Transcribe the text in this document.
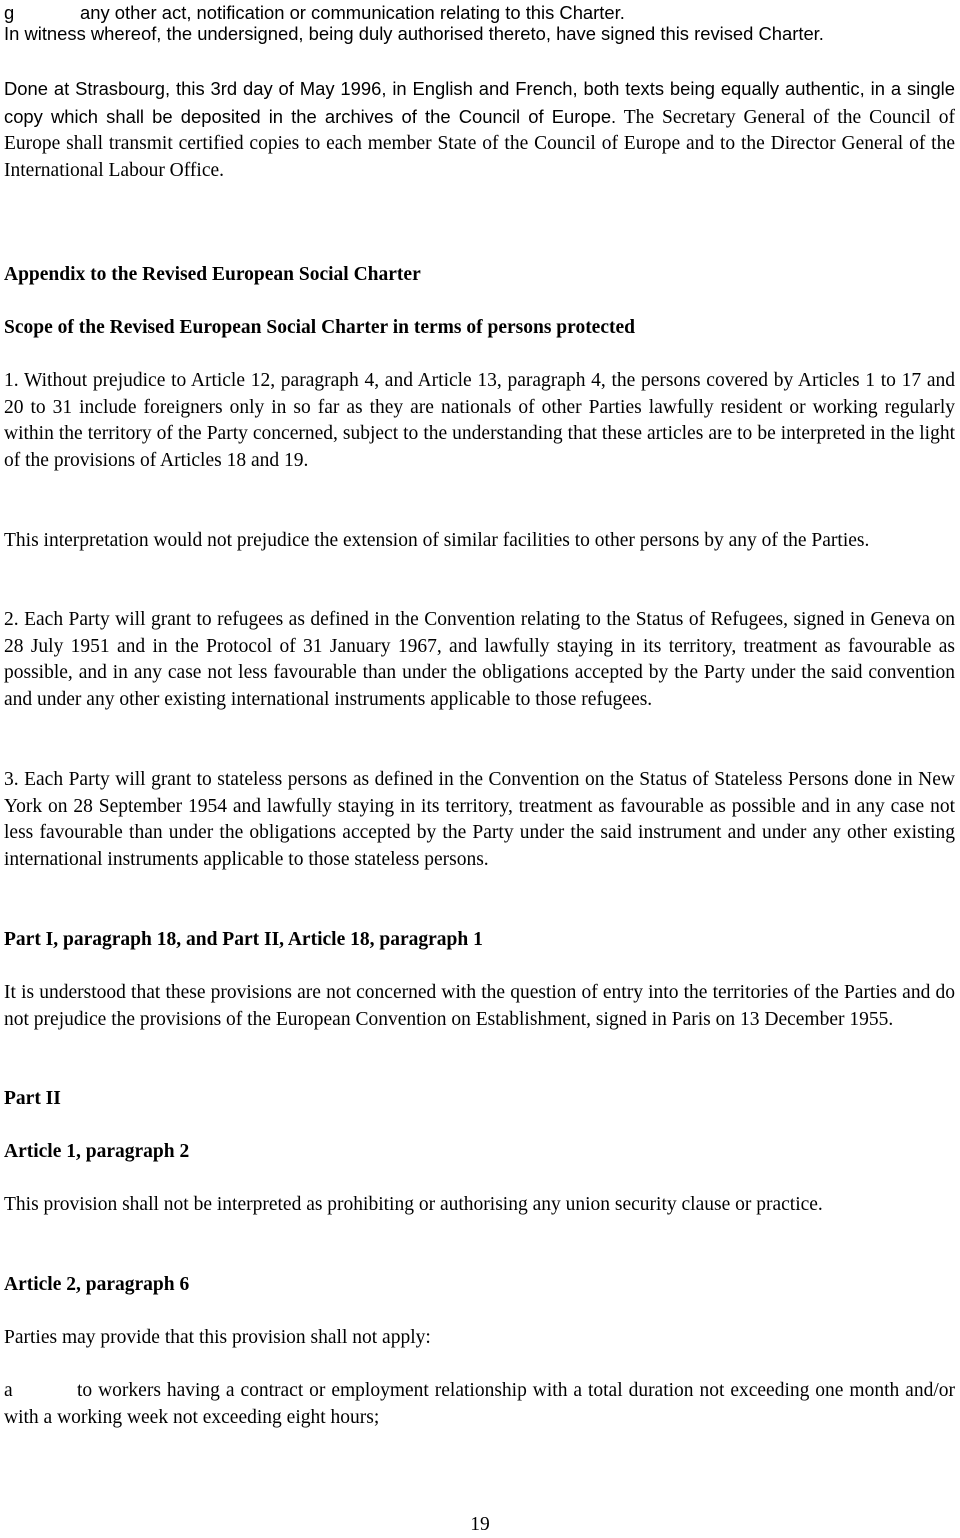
g	any other act, notification or communication relating to this Charter.

In witness whereof, the undersigned, being duly authorised thereto, have signed this revised Charter.

Done at Strasbourg, this 3rd day of May 1996, in English and French, both texts being equally authentic, in a single copy which shall be deposited in the archives of the Council of Europe. The Secretary General of the Council of Europe shall transmit certified copies to each member State of the Council of Europe and to the Director General of the International Labour Office.

Appendix to the Revised European Social Charter

Scope of the Revised European Social Charter in terms of persons protected

1. Without prejudice to Article 12, paragraph 4, and Article 13, paragraph 4, the persons covered by Articles 1 to 17 and 20 to 31 include foreigners only in so far as they are nationals of other Parties lawfully resident or working regularly within the territory of the Party concerned, subject to the understanding that these articles are to be interpreted in the light of the provisions of Articles 18 and 19.

This interpretation would not prejudice the extension of similar facilities to other persons by any of the Parties.

2. Each Party will grant to refugees as defined in the Convention relating to the Status of Refugees, signed in Geneva on 28 July 1951 and in the Protocol of 31 January 1967, and lawfully staying in its territory, treatment as favourable as possible, and in any case not less favourable than under the obligations accepted by the Party under the said convention and under any other existing international instruments applicable to those refugees.

3. Each Party will grant to stateless persons as defined in the Convention on the Status of Stateless Persons done in New York on 28 September 1954 and lawfully staying in its territory, treatment as favourable as possible and in any case not less favourable than under the obligations accepted by the Party under the said instrument and under any other existing international instruments applicable to those stateless persons.

Part I, paragraph 18, and Part II, Article 18, paragraph 1

It is understood that these provisions are not concerned with the question of entry into the territories of the Parties and do not prejudice the provisions of the European Convention on Establishment, signed in Paris on 13 December 1955.

Part II

Article 1, paragraph 2

This provision shall not be interpreted as prohibiting or authorising any union security clause or practice.

Article 2, paragraph 6

Parties may provide that this provision shall not apply:

a	to workers having a contract or employment relationship with a total duration not exceeding one month and/or with a working week not exceeding eight hours;

19
